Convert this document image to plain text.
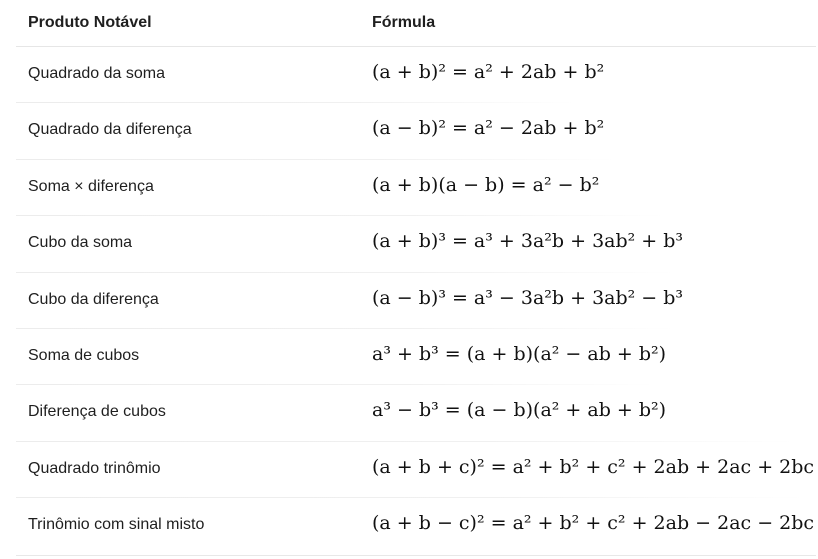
Produto Notável	Fórmula
Quadrado da soma	(a + b)² = a² + 2ab + b²
Quadrado da diferença	(a − b)² = a² − 2ab + b²
Soma × diferença	(a + b)(a − b) = a² − b²
Cubo da soma	(a + b)³ = a³ + 3a²b + 3ab² + b³
Cubo da diferença	(a − b)³ = a³ − 3a²b + 3ab² − b³
Soma de cubos	a³ + b³ = (a + b)(a² − ab + b²)
Diferença de cubos	a³ − b³ = (a − b)(a² + ab + b²)
Quadrado trinômio	(a + b + c)² = a² + b² + c² + 2ab + 2ac + 2bc
Trinômio com sinal misto	(a + b − c)² = a² + b² + c² + 2ab − 2ac − 2bc
